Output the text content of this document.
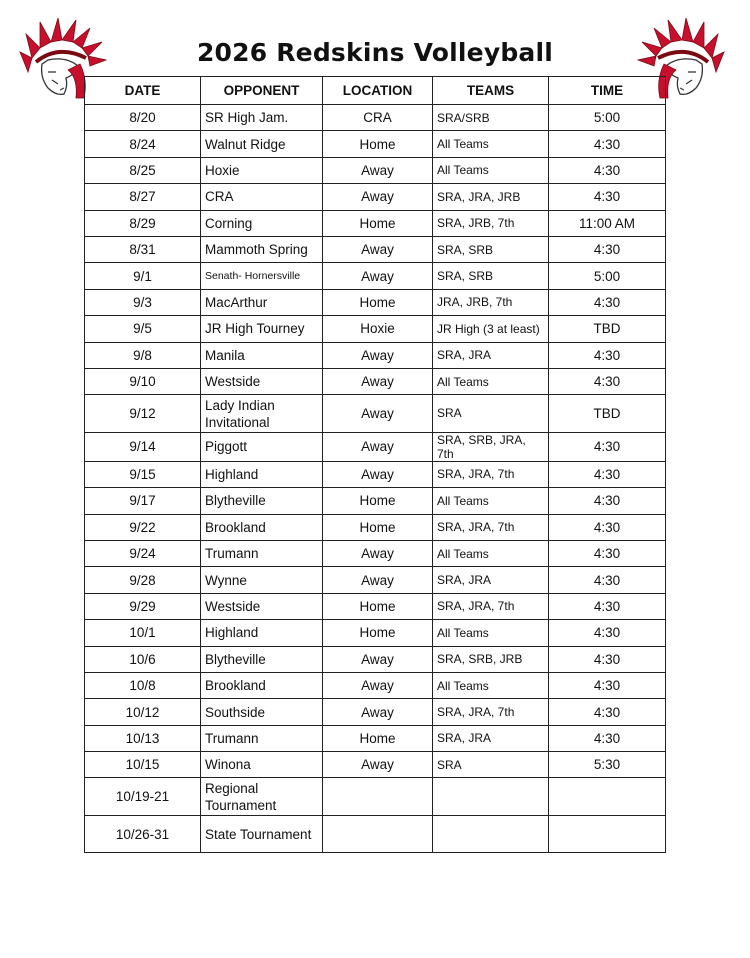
2026 Redskins Volleyball
DATE	OPPONENT	LOCATION	TEAMS	TIME
8/20	SR High Jam.	CRA	SRA/SRB	5:00
8/24	Walnut Ridge	Home	All Teams	4:30
8/25	Hoxie	Away	All Teams	4:30
8/27	CRA	Away	SRA, JRA, JRB	4:30
8/29	Corning	Home	SRA, JRB, 7th	11:00 AM
8/31	Mammoth Spring	Away	SRA, SRB	4:30
9/1	Senath- Hornersville	Away	SRA, SRB	5:00
9/3	MacArthur	Home	JRA, JRB, 7th	4:30
9/5	JR High Tourney	Hoxie	JR High (3 at least)	TBD
9/8	Manila	Away	SRA, JRA	4:30
9/10	Westside	Away	All Teams	4:30
9/12	Lady Indian Invitational	Away	SRA	TBD
9/14	Piggott	Away	SRA, SRB, JRA, 7th	4:30
9/15	Highland	Away	SRA, JRA, 7th	4:30
9/17	Blytheville	Home	All Teams	4:30
9/22	Brookland	Home	SRA, JRA, 7th	4:30
9/24	Trumann	Away	All Teams	4:30
9/28	Wynne	Away	SRA, JRA	4:30
9/29	Westside	Home	SRA, JRA, 7th	4:30
10/1	Highland	Home	All Teams	4:30
10/6	Blytheville	Away	SRA, SRB, JRB	4:30
10/8	Brookland	Away	All Teams	4:30
10/12	Southside	Away	SRA, JRA, 7th	4:30
10/13	Trumann	Home	SRA, JRA	4:30
10/15	Winona	Away	SRA	5:30
10/19-21	Regional Tournament			
10/26-31	State Tournament			
